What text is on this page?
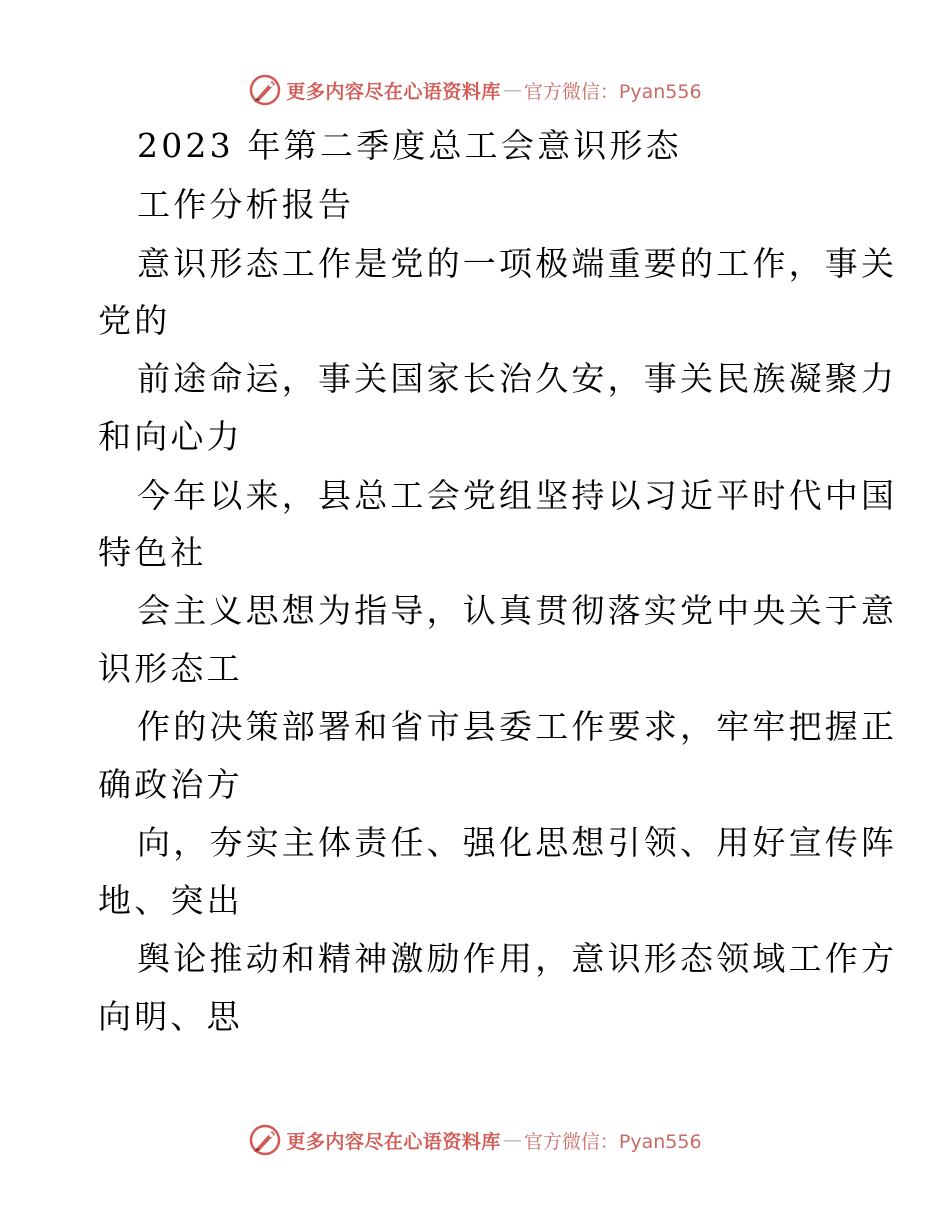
更多内容尽在心语资料库 — 官方微信：Pyan556
2023 年第二季度总工会意识形态
工作分析报告
意识形态工作是党的一项极端重要的工作，事关
党的
前途命运，事关国家长治久安，事关民族凝聚力
和向心力
今年以来，县总工会党组坚持以习近平时代中国
特色社
会主义思想为指导，认真贯彻落实党中央关于意
识形态工
作的决策部署和省市县委工作要求，牢牢把握正
确政治方
向，夯实主体责任、强化思想引领、用好宣传阵
地、突出
舆论推动和精神激励作用，意识形态领域工作方
向明、思
更多内容尽在心语资料库 — 官方微信：Pyan556
